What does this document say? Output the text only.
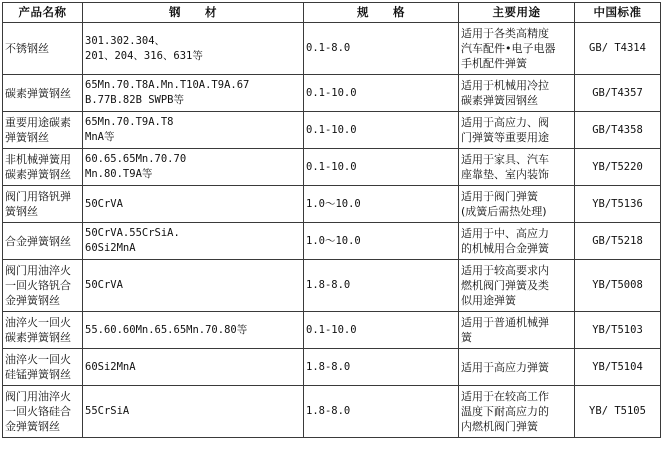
产品名称	钢　　材	规　　格	主要用途	中国标准

不锈钢丝	301.302.304、
201、204、316、631等	0.1-8.0	适用于各类高精度
汽车配件•电子电器
手机配件弹簧	GB/ T4314

碳素弹簧钢丝	65Mn.70.T8A.Mn.T10A.T9A.67
B.77B.82B SWPB等	0.1-10.0	适用于机械用冷拉
碳素弹簧园钢丝	GB/T4357

重要用途碳素
弹簧钢丝	65Mn.70.T9A.T8
MnA等	0.1-10.0	适用于高应力、阀
门弹簧等重要用途	GB/T4358

非机械弹簧用
碳素弹簧钢丝	60.65.65Mn.70.70
Mn.80.T9A等	0.1-10.0	适用于家具、汽车
座靠垫、室内装饰	YB/T5220

阀门用铬钒弹
簧钢丝	50CrVA	1.0～10.0	适用于阀门弹簧
(成簧后需热处理)	YB/T5136

合金弹簧钢丝	50CrVA.55CrSiA.
60Si2MnA	1.0～10.0	适用于中、高应力
的机械用合金弹簧	GB/T5218

阀门用油淬火
一回火铬钒合
金弹簧钢丝	50CrVA	1.8-8.0	适用于较高要求内
燃机阀门弹簧及类
似用途弹簧	YB/T5008

油淬火一回火
碳素弹簧钢丝	55.60.60Mn.65.65Mn.70.80等	0.1-10.0	适用于普通机械弹
簧	YB/T5103

油淬火一回火
硅锰弹簧钢丝	60Si2MnA	1.8-8.0	适用于高应力弹簧	YB/T5104

阀门用油淬火
一回火铬硅合
金弹簧钢丝	55CrSiA	1.8-8.0	适用于在较高工作
温度下耐高应力的
内燃机阀门弹簧	YB/ T5105
